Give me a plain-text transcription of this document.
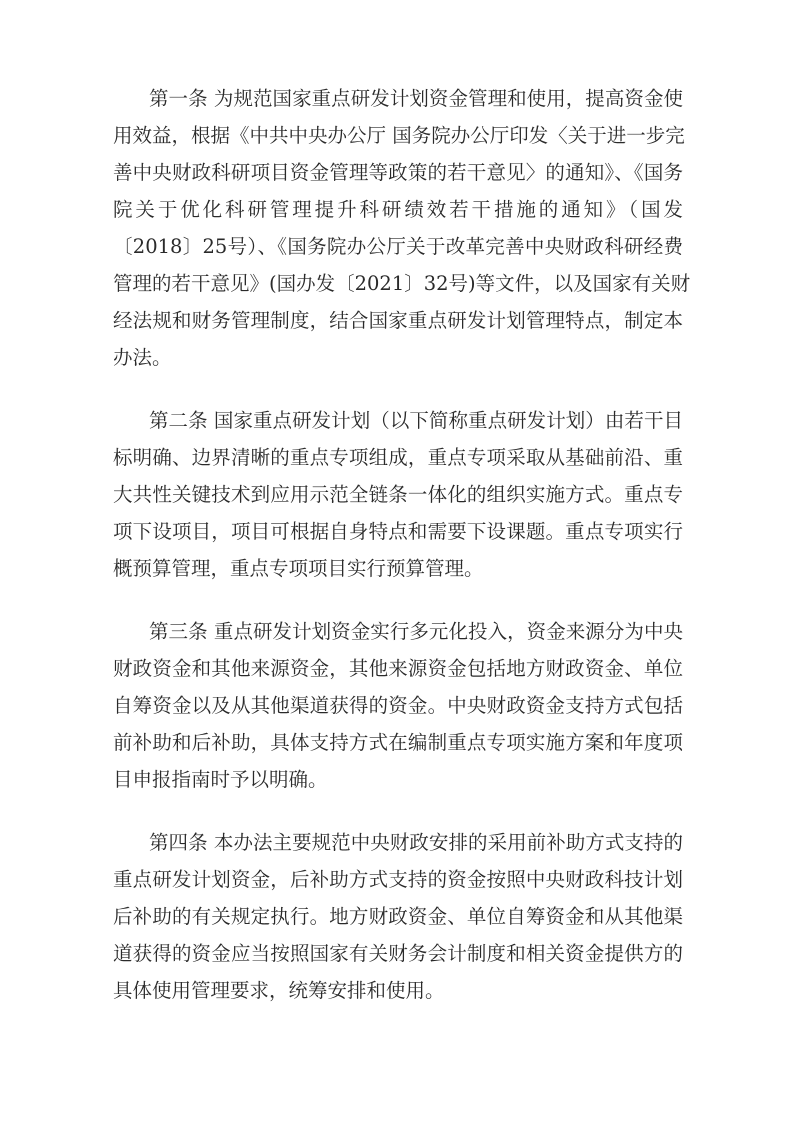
第一条 为规范国家重点研发计划资金管理和使用，提高资金使
用效益，根据《中共中央办公厅 国务院办公厅印发〈关于进一步完
善中央财政科研项目资金管理等政策的若干意见〉的通知》、《国务
院关于优化科研管理提升科研绩效若干措施的通知》（国发
〔2018〕25号）、《国务院办公厅关于改革完善中央财政科研经费
管理的若干意见》(国办发〔2021〕32号)等文件，以及国家有关财
经法规和财务管理制度，结合国家重点研发计划管理特点，制定本
办法。
第二条 国家重点研发计划（以下简称重点研发计划）由若干目
标明确、边界清晰的重点专项组成，重点专项采取从基础前沿、重
大共性关键技术到应用示范全链条一体化的组织实施方式。重点专
项下设项目，项目可根据自身特点和需要下设课题。重点专项实行
概预算管理，重点专项项目实行预算管理。
第三条 重点研发计划资金实行多元化投入，资金来源分为中央
财政资金和其他来源资金，其他来源资金包括地方财政资金、单位
自筹资金以及从其他渠道获得的资金。中央财政资金支持方式包括
前补助和后补助，具体支持方式在编制重点专项实施方案和年度项
目申报指南时予以明确。
第四条 本办法主要规范中央财政安排的采用前补助方式支持的
重点研发计划资金，后补助方式支持的资金按照中央财政科技计划
后补助的有关规定执行。地方财政资金、单位自筹资金和从其他渠
道获得的资金应当按照国家有关财务会计制度和相关资金提供方的
具体使用管理要求，统筹安排和使用。
